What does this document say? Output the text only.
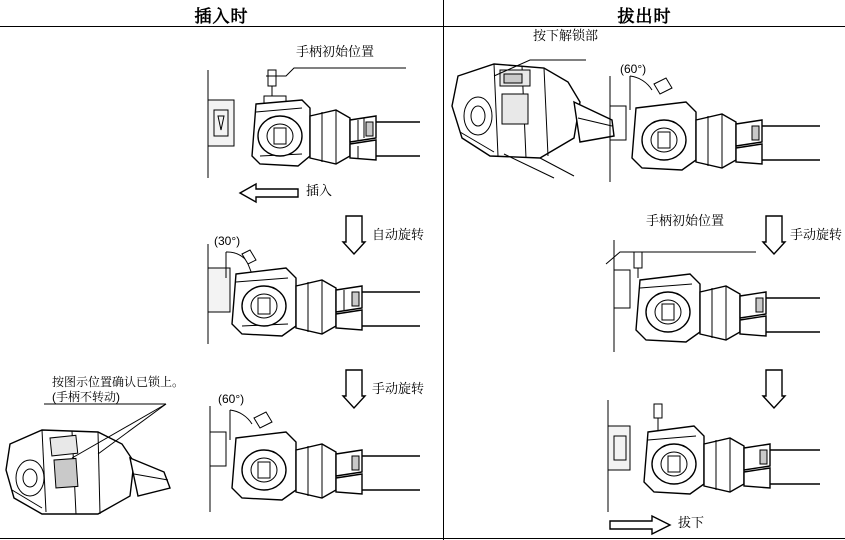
插入时	拔出时
手柄初始位置
插入
自动旋转
(30°)
手动旋转
(60°)
按图示位置确认已锁上。
(手柄不转动)
按下解锁部
(60°)
手动旋转
手柄初始位置
拔下
